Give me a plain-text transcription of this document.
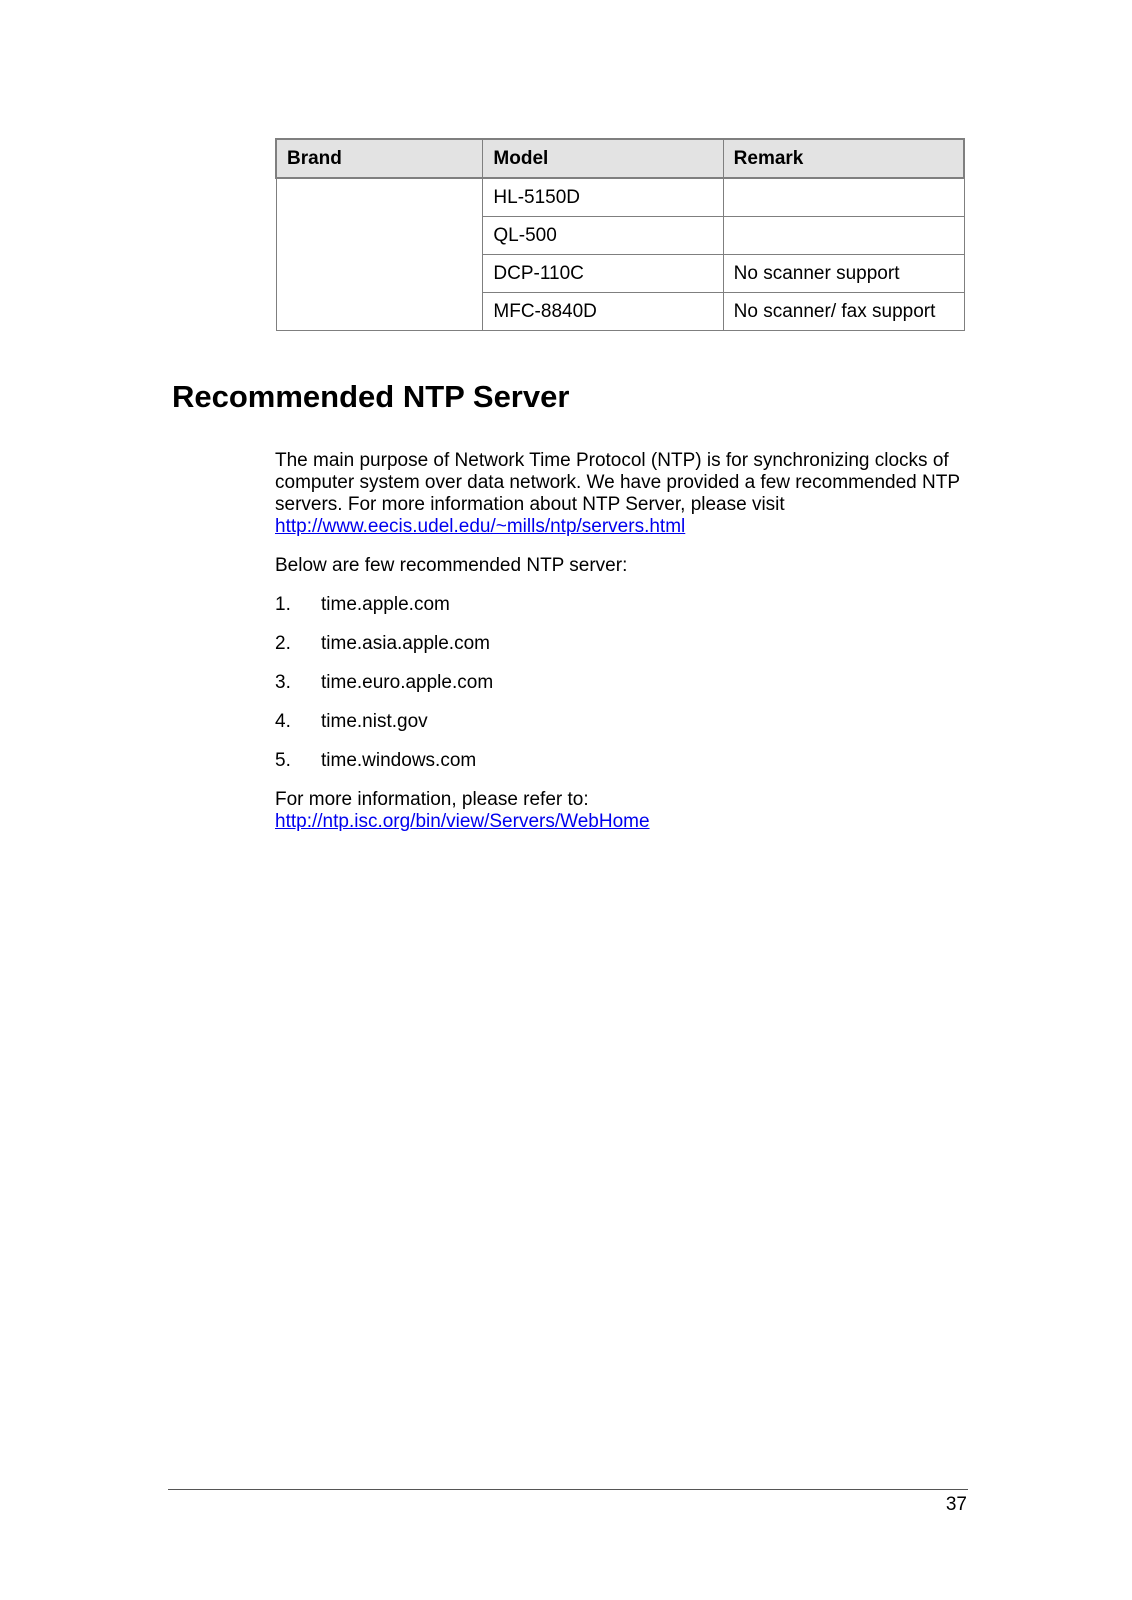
Brand	Model	Remark
	HL-5150D	
	QL-500	
	DCP-110C	No scanner support
	MFC-8840D	No scanner/ fax support
Recommended NTP Server

The main purpose of Network Time Protocol (NTP) is for synchronizing clocks of computer system over data network. We have provided a few recommended NTP servers. For more information about NTP Server, please visit
http://www.eecis.udel.edu/~mills/ntp/servers.html

Below are few recommended NTP server:

1.	time.apple.com
2.	time.asia.apple.com
3.	time.euro.apple.com
4.	time.nist.gov
5.	time.windows.com

For more information, please refer to:
http://ntp.isc.org/bin/view/Servers/WebHome

37
